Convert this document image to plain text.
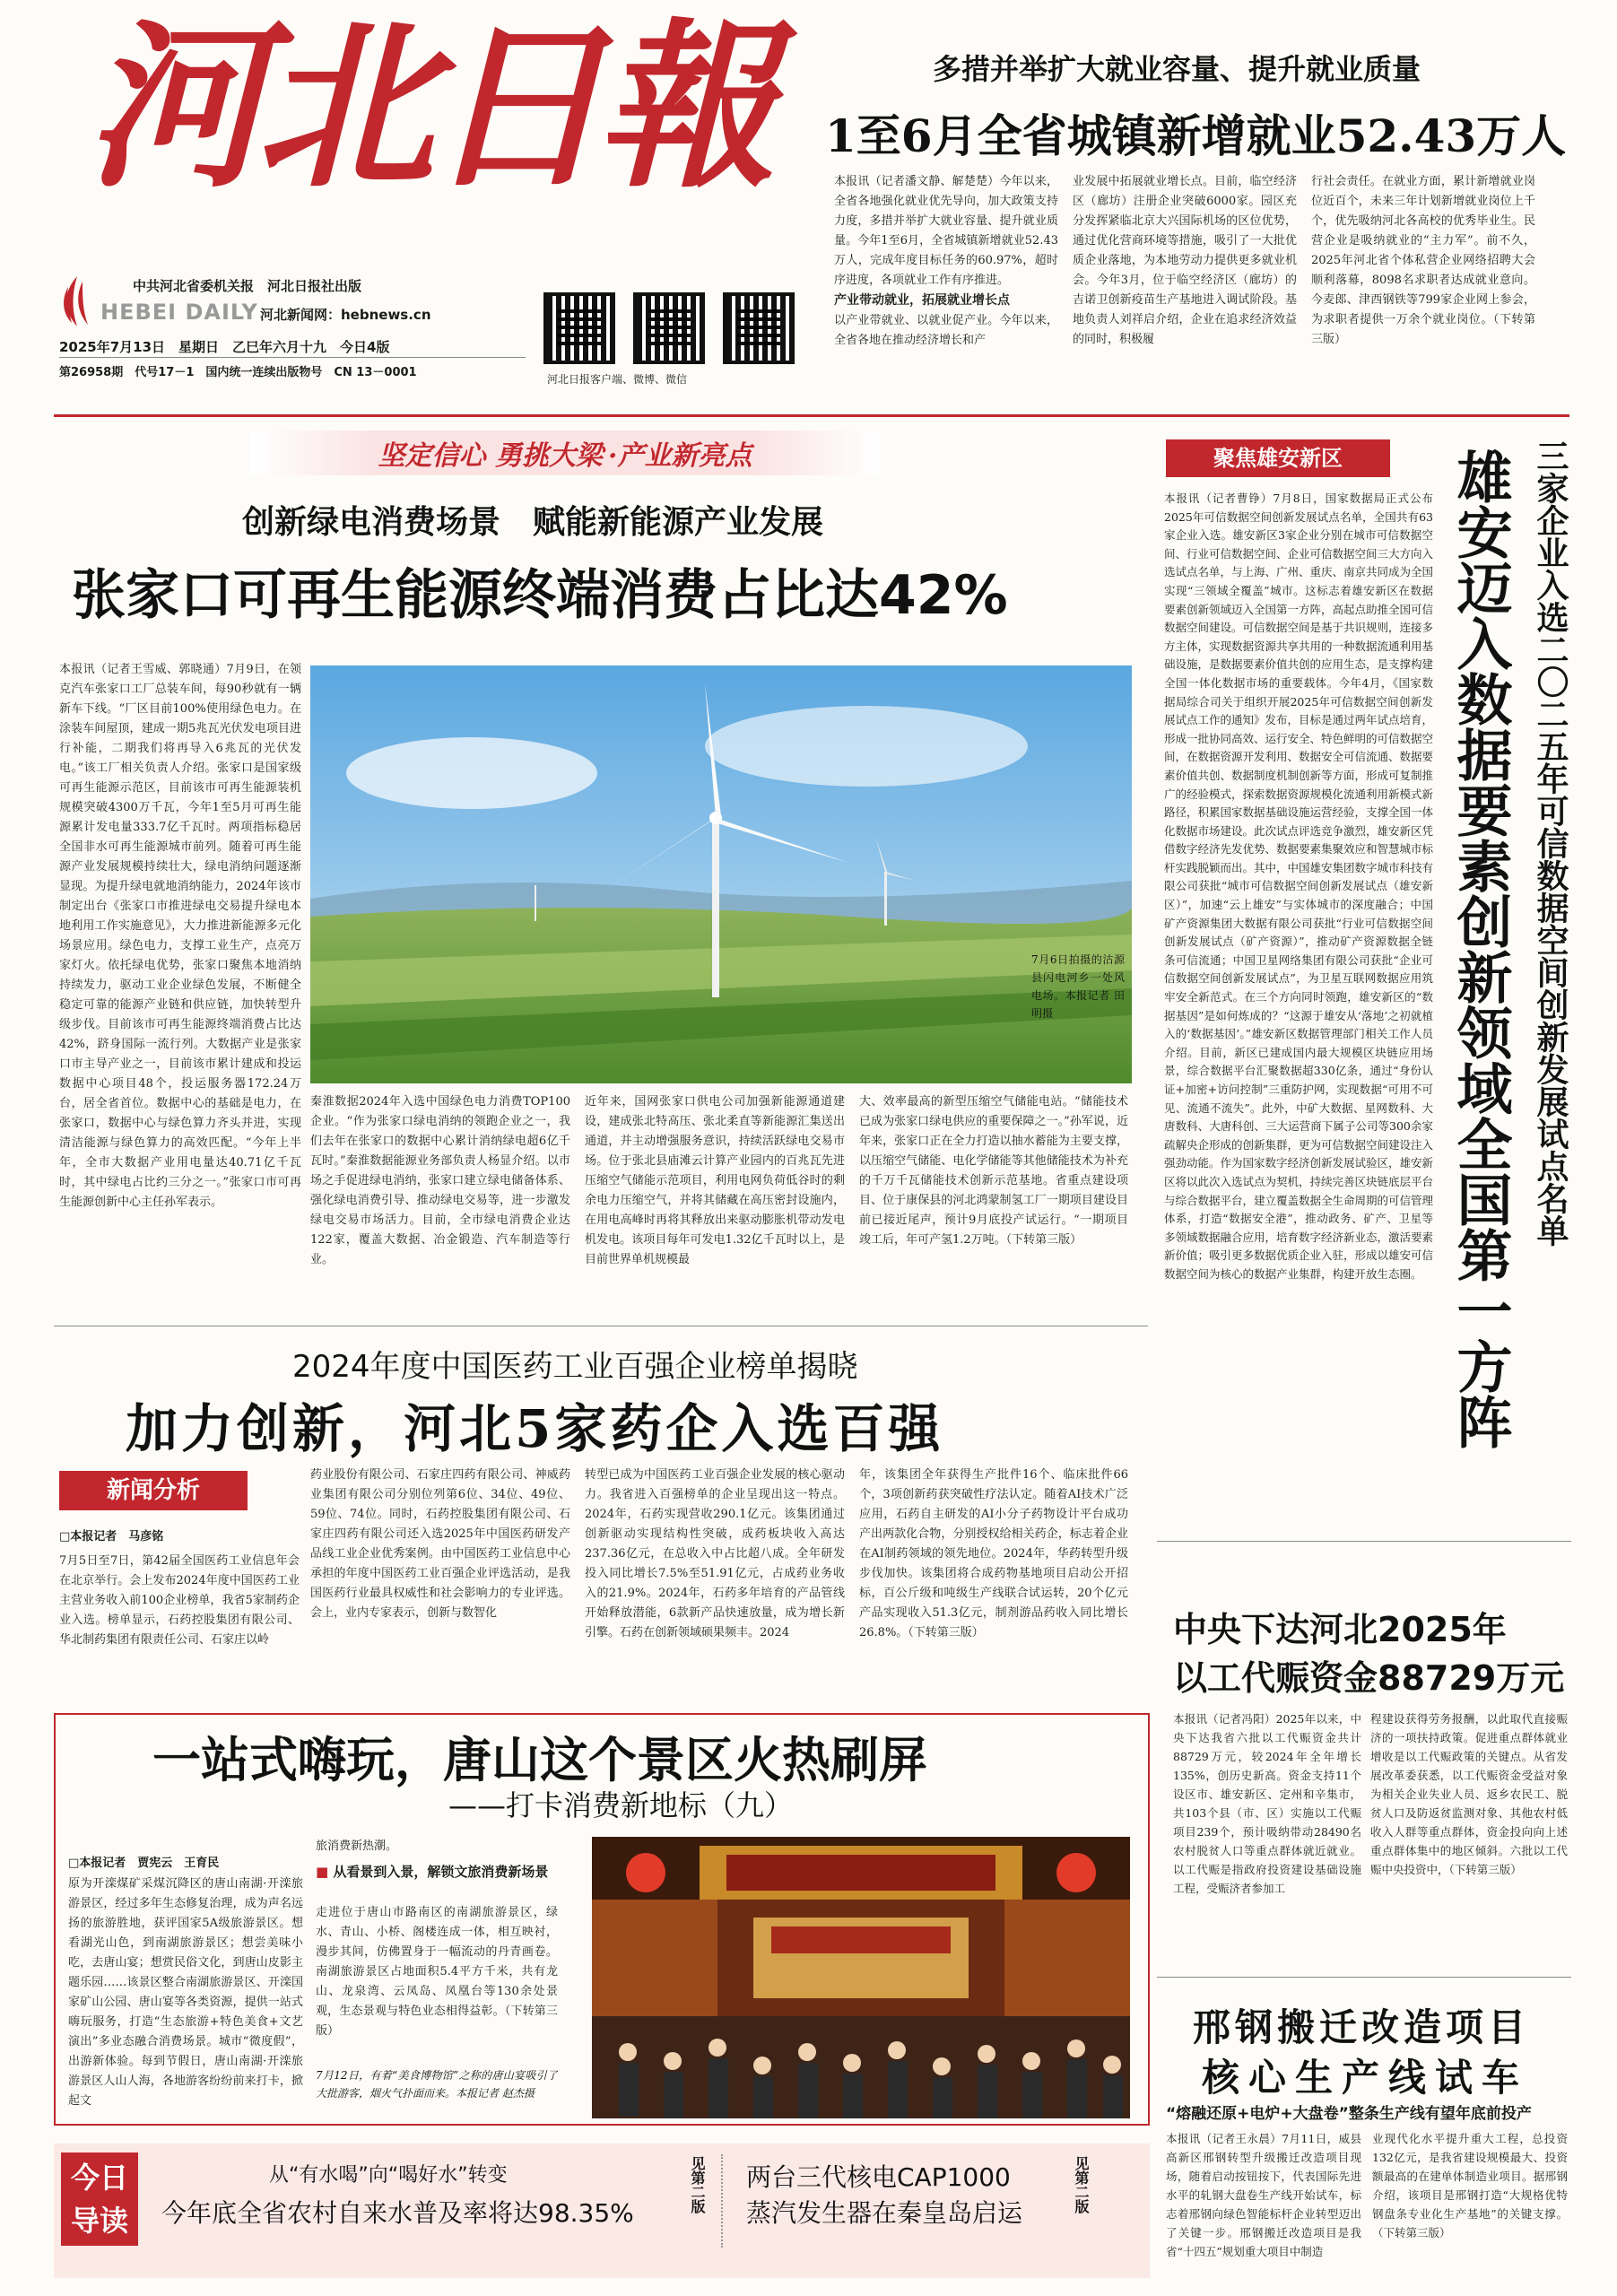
河北日報
中共河北省委机关报　河北日报社出版
HEBEI DAILY 河北新闻网：hebnews.cn
2025年7月13日　星期日　乙巳年六月十九　今日4版
第26958期　代号17－1　国内统一连续出版物号　CN 13－0001	河北日报客户端、微博、微信
多措并举扩大就业容量、提升就业质量
1至6月全省城镇新增就业52.43万人
本报讯（记者潘文静、解楚楚）今年以来，全省各地强化就业优先导向，加大政策支持力度，多措并举扩大就业容量、提升就业质量。今年1至6月，全省城镇新增就业52.43万人，完成年度目标任务的60.97%，超时序进度，各项就业工作有序推进。
产业带动就业，拓展就业增长点
以产业带就业、以就业促产业。今年以来，全省各地在推动经济增长和产
业发展中拓展就业增长点。目前，临空经济区（廊坊）注册企业突破6000家。园区充分发挥紧临北京大兴国际机场的区位优势，通过优化营商环境等措施，吸引了一大批优质企业落地，为本地劳动力提供更多就业机会。今年3月，位于临空经济区（廊坊）的吉诺卫创新疫苗生产基地进入调试阶段。基地负责人刘祥启介绍，企业在追求经济效益的同时，积极履
行社会责任。在就业方面，累计新增就业岗位近百个，未来三年计划新增就业岗位上千个，优先吸纳河北各高校的优秀毕业生。民营企业是吸纳就业的“主力军”。前不久，2025年河北省个体私营企业网络招聘大会顺利落幕，8098名求职者达成就业意向。今麦郎、津西钢铁等799家企业网上参会，为求职者提供一万余个就业岗位。（下转第三版）
坚定信心 勇挑大梁 ·产业新亮点
创新绿电消费场景　赋能新能源产业发展
张家口可再生能源终端消费占比达42%
本报讯（记者王雪威、郭晓通）7月9日，在领克汽车张家口工厂总装车间，每90秒就有一辆新车下线。“厂区目前100%使用绿色电力。在涂装车间屋顶，建成一期5兆瓦光伏发电项目进行补能，二期我们将再导入6兆瓦的光伏发电。”该工厂相关负责人介绍。张家口是国家级可再生能源示范区，目前该市可再生能源装机规模突破4300万千瓦，今年1至5月可再生能源累计发电量333.7亿千瓦时。两项指标稳居全国非水可再生能源城市前列。随着可再生能源产业发展规模持续壮大，绿电消纳问题逐渐显现。为提升绿电就地消纳能力，2024年该市制定出台《张家口市推进绿电交易提升绿电本地利用工作实施意见》，大力推进新能源多元化场景应用。绿色电力，支撑工业生产，点亮万家灯火。依托绿电优势，张家口聚焦本地消纳持续发力，驱动工业企业绿色发展，不断健全稳定可靠的能源产业链和供应链，加快转型升级步伐。目前该市可再生能源终端消费占比达42%，跻身国际一流行列。大数据产业是张家口市主导产业之一，目前该市累计建成和投运数据中心项目48个，投运服务器172.24万台，居全省首位。数据中心的基础是电力，在张家口，数据中心与绿色算力齐头并进，实现清洁能源与绿色算力的高效匹配。“今年上半年，全市大数据产业用电量达40.71亿千瓦时，其中绿电占比约三分之一。”张家口市可再生能源创新中心主任孙军表示。
7月6日拍摄的沽源县闪电河乡一处风电场。本报记者 田明摄
秦淮数据2024年入选中国绿色电力消费TOP100企业。“作为张家口绿电消纳的领跑企业之一，我们去年在张家口的数据中心累计消纳绿电超6亿千瓦时。”秦淮数据能源业务部负责人杨显介绍。以市场之手促进绿电消纳，张家口建立绿电储备体系、强化绿电消费引导、推动绿电交易等，进一步激发绿电交易市场活力。目前，全市绿电消费企业达122家，覆盖大数据、冶金锻造、汽车制造等行业。
近年来，国网张家口供电公司加强新能源通道建设，建成张北特高压、张北柔直等新能源汇集送出通道，并主动增强服务意识，持续活跃绿电交易市场。位于张北县庙滩云计算产业园内的百兆瓦先进压缩空气储能示范项目，利用电网负荷低谷时的剩余电力压缩空气，并将其储藏在高压密封设施内，在用电高峰时再将其释放出来驱动膨胀机带动发电机发电。该项目每年可发电1.32亿千瓦时以上，是目前世界单机规模最
大、效率最高的新型压缩空气储能电站。“储能技术已成为张家口绿电供应的重要保障之一。”孙军说，近年来，张家口正在全力打造以抽水蓄能为主要支撑，以压缩空气储能、电化学储能等其他储能技术为补充的千万千瓦储能技术创新示范基地。省重点建设项目、位于康保县的河北鸿蒙制氢工厂一期项目建设目前已接近尾声，预计9月底投产试运行。“一期项目竣工后，年可产氢1.2万吨。（下转第三版）
聚焦雄安新区	三家企业入选二〇二五年可信数据空间创新发展试点名单
雄安迈入数据要素创新领域全国第一方阵
本报讯（记者曹铮）7月8日，国家数据局正式公布2025年可信数据空间创新发展试点名单，全国共有63家企业入选。雄安新区3家企业分别在城市可信数据空间、行业可信数据空间、企业可信数据空间三大方向入选试点名单，与上海、广州、重庆、南京共同成为全国实现“三领域全覆盖”城市。这标志着雄安新区在数据要素创新领域迈入全国第一方阵，高起点助推全国可信数据空间建设。可信数据空间是基于共识规则，连接多方主体，实现数据资源共享共用的一种数据流通利用基础设施，是数据要素价值共创的应用生态，是支撑构建全国一体化数据市场的重要载体。今年4月，《国家数据局综合司关于组织开展2025年可信数据空间创新发展试点工作的通知》发布，目标是通过两年试点培育，形成一批协同高效、运行安全、特色鲜明的可信数据空间，在数据资源开发利用、数据安全可信流通、数据要素价值共创、数据制度机制创新等方面，形成可复制推广的经验模式，探索数据资源规模化流通利用新模式新路径，积累国家数据基础设施运营经验，支撑全国一体化数据市场建设。此次试点评选竞争激烈，雄安新区凭借数字经济先发优势、数据要素集聚效应和智慧城市标杆实践脱颖而出。其中，中国雄安集团数字城市科技有限公司获批“城市可信数据空间创新发展试点（雄安新区）”，加速“云上雄安”与实体城市的深度融合；中国矿产资源集团大数据有限公司获批“行业可信数据空间创新发展试点（矿产资源）”，推动矿产资源数据全链条可信流通；中国卫星网络集团有限公司获批“企业可信数据空间创新发展试点”，为卫星互联网数据应用筑牢安全新范式。在三个方向同时领跑，雄安新区的“数据基因”是如何炼成的？“这源于雄安从‘落地’之初就植入的‘数据基因’。”雄安新区数据管理部门相关工作人员介绍。目前，新区已建成国内最大规模区块链应用场景，综合数据平台汇聚数据超330亿条，通过“身份认证+加密+访问控制”三重防护网，实现数据“可用不可见、流通不流失”。此外，中矿大数据、星网数科、大唐数科、大唐科创、三大运营商下属子公司等300余家疏解央企形成的创新集群，更为可信数据空间建设注入强劲动能。作为国家数字经济创新发展试验区，雄安新区将以此次入选试点为契机，持续完善区块链底层平台与综合数据平台，建立覆盖数据全生命周期的可信管理体系，打造“数据安全港”，推动政务、矿产、卫星等多领域数据融合应用，培育数字经济新业态，激活要素新价值；吸引更多数据优质企业入驻，形成以雄安可信数据空间为核心的数据产业集群，构建开放生态圈。
2024年度中国医药工业百强企业榜单揭晓
加力创新，河北5家药企入选百强
新闻分析
□本报记者　马彦铭
7月5日至7日，第42届全国医药工业信息年会在北京举行。会上发布2024年度中国医药工业主营业务收入前100企业榜单，我省5家制药企业入选。榜单显示，石药控股集团有限公司、华北制药集团有限责任公司、石家庄以岭
药业股份有限公司、石家庄四药有限公司、神威药业集团有限公司分别位列第6位、34位、49位、59位、74位。同时，石药控股集团有限公司、石家庄四药有限公司还入选2025年中国医药研发产品线工业企业优秀案例。由中国医药工业信息中心承担的年度中国医药工业百强企业评选活动，是我国医药行业最具权威性和社会影响力的专业评选。会上，业内专家表示，创新与数智化
转型已成为中国医药工业百强企业发展的核心驱动力。我省进入百强榜单的企业呈现出这一特点。2024年，石药实现营收290.1亿元。该集团通过创新驱动实现结构性突破，成药板块收入高达237.36亿元，在总收入中占比超八成。全年研发投入同比增长7.5%至51.91亿元，占成药业务收入的21.9%。2024年，石药多年培育的产品管线开始释放潜能，6款新产品快速放量，成为增长新引擎。石药在创新领域硕果频丰。2024
年，该集团全年获得生产批件16个、临床批件66个，3项创新药获突破性疗法认定。随着AI技术广泛应用，石药自主研发的AI小分子药物设计平台成功产出两款化合物，分别授权给相关药企，标志着企业在AI制药领域的领先地位。2024年，华药转型升级步伐加快。该集团将合成药物基地项目启动公开招标，百公斤级和吨级生产线联合试运转，20个亿元产品实现收入51.3亿元，制剂游品药收入同比增长26.8%。（下转第三版）	中央下达河北2025年
以工代赈资金88729万元
本报讯（记者冯阳）2025年以来，中央下达我省六批以工代赈资金共计88729万元，较2024年全年增长135%，创历史新高。资金支持11个设区市、雄安新区、定州和辛集市，共103个县（市、区）实施以工代赈项目239个，预计吸纳带动28490名农村脱贫人口等重点群体就近就业。以工代赈是指政府投资建设基础设施工程，受赈济者参加工
程建设获得劳务报酬，以此取代直接赈济的一项扶持政策。促进重点群体就业增收是以工代赈政策的关键点。从省发展改革委获悉，以工代赈资金受益对象为相关企业失业人员、返乡农民工、脱贫人口及防返贫监测对象、其他农村低收入人群等重点群体，资金投向向上述重点群体集中的地区倾斜。六批以工代赈中央投资中，（下转第三版）
一站式嗨玩，唐山这个景区火热刷屏
——打卡消费新地标（九）
□本报记者　贾宪云　王育民
原为开滦煤矿采煤沉降区的唐山南湖·开滦旅游景区，经过多年生态修复治理，成为声名远扬的旅游胜地，获评国家5A级旅游景区。想看湖光山色，到南湖旅游景区；想尝美味小吃，去唐山宴；想赏民俗文化，到唐山皮影主题乐园……该景区整合南湖旅游景区、开滦国家矿山公园、唐山宴等各类资源，提供一站式嗨玩服务，打造“生态旅游+特色美食+文艺演出”多业态融合消费场景。城市“微度假”，出游新体验。每到节假日，唐山南湖·开滦旅游景区人山人海，各地游客纷纷前来打卡，掀起文
旅消费新热潮。
■ 从看景到入景，解锁文旅消费新场景
走进位于唐山市路南区的南湖旅游景区，绿水、青山、小桥、阁楼连成一体，相互映衬，漫步其间，仿佛置身于一幅流动的丹青画卷。南湖旅游景区占地面积5.4平方千米，共有龙山、龙泉湾、云凤岛、凤凰台等130余处景观，生态景观与特色业态相得益彰。（下转第三版）
7月12日，有着“美食博物馆”之称的唐山宴吸引了大批游客，烟火气扑面而来。本报记者 赵杰摄
邢钢搬迁改造项目
核心生产线试车
“熔融还原+电炉+大盘卷”整条生产线有望年底前投产
本报讯（记者王永晨）7月11日，威县高新区邢钢转型升级搬迁改造项目现场，随着启动按钮按下，代表国际先进水平的轧钢大盘卷生产线开始试车，标志着邢钢向绿色智能标杆企业转型迈出了关键一步。邢钢搬迁改造项目是我省“十四五”规划重大项目中制造
业现代化水平提升重大工程，总投资132亿元，是我省建设规模最大、投资额最高的在建单体制造业项目。据邢钢介绍，该项目是邢钢打造“大规格优特钢盘条专业化生产基地”的关键支撑。（下转第三版）
今日
导读
从“有水喝”向“喝好水”转变
今年底全省农村自来水普及率将达98.35%	见第二版 两台三代核电CAP1000
蒸汽发生器在秦皇岛启运	见第二版
